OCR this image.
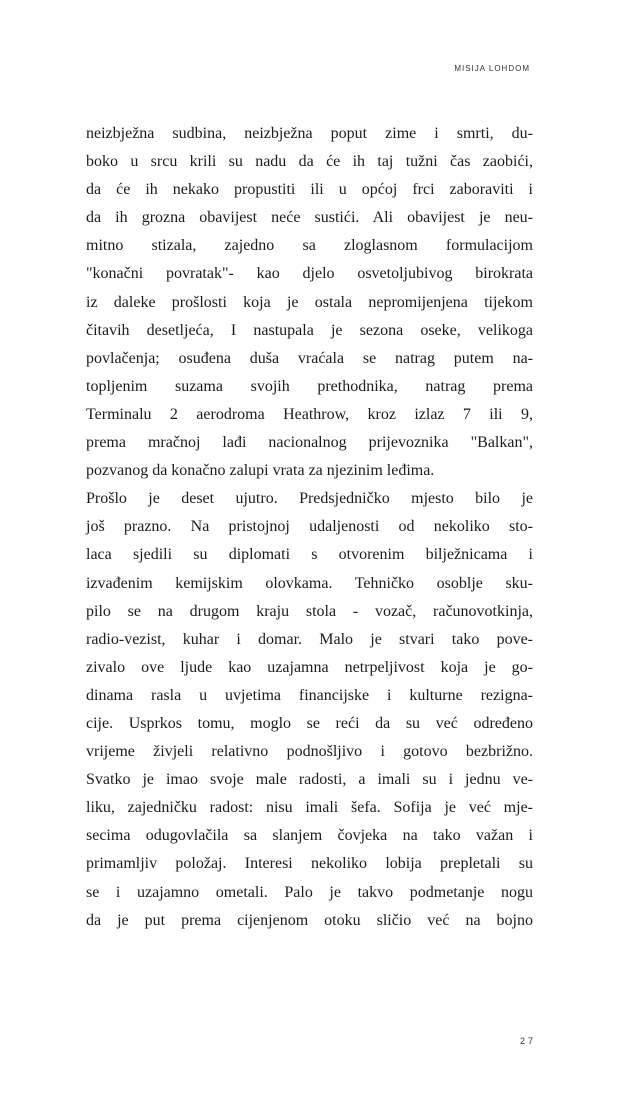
MISIJA LOHDOM
neizbježna sudbina, neizbježna poput zime i smrti, du-
boko u srcu krili su nadu da će ih taj tužni čas zaobići,
da će ih nekako propustiti ili u općoj frci zaboraviti i
da ih grozna obavijest neće sustići. Ali obavijest je neu-
mitno stizala, zajedno sa zloglasnom formulacijom
"konačni povratak"- kao djelo osvetoljubivog birokrata
iz daleke prošlosti koja je ostala nepromijenjena tijekom
čitavih desetljeća, I nastupala je sezona oseke, velikoga
povlačenja; osuđena duša vraćala se natrag putem na-
topljenim suzama svojih prethodnika, natrag prema
Terminalu 2 aerodroma Heathrow, kroz izlaz 7 ili 9,
prema mračnoj lađi nacionalnog prijevoznika "Balkan",
pozvanog da konačno zalupi vrata za njezinim leđima.
Prošlo je deset ujutro. Predsjedničko mjesto bilo je
još prazno. Na pristojnoj udaljenosti od nekoliko sto-
laca sjedili su diplomati s otvorenim bilježnicama i
izvađenim kemijskim olovkama. Tehničko osoblje sku-
pilo se na drugom kraju stola - vozač, računovotkinja,
radio-vezist, kuhar i domar. Malo je stvari tako pove-
zivalo ove ljude kao uzajamna netrpeljivost koja je go-
dinama rasla u uvjetima financijske i kulturne rezigna-
cije. Usprkos tomu, moglo se reći da su već određeno
vrijeme živjeli relativno podnošljivo i gotovo bezbrižno.
Svatko je imao svoje male radosti, a imali su i jednu ve-
liku, zajedničku radost: nisu imali šefa. Sofija je već mje-
secima odugovlačila sa slanjem čovjeka na tako važan i
primamljiv položaj. Interesi nekoliko lobija prepletali su
se i uzajamno ometali. Palo je takvo podmetanje nogu
da je put prema cijenjenom otoku sličio već na bojno
27
